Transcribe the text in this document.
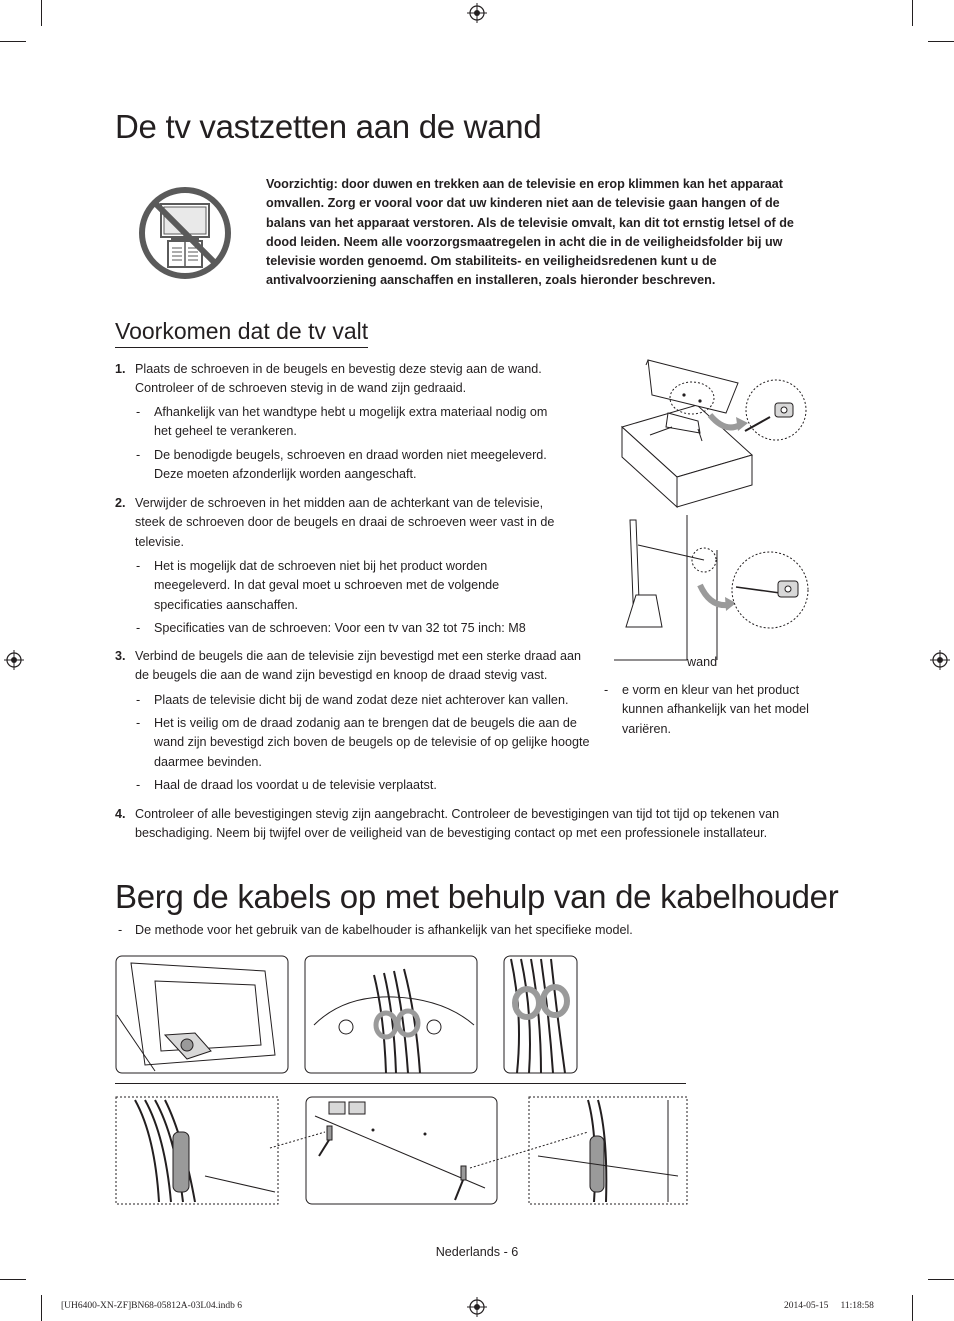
De tv vastzetten aan de wand
Voorzichtig: door duwen en trekken aan de televisie en erop klimmen kan het apparaat omvallen. Zorg er vooral voor dat uw kinderen niet aan de televisie gaan hangen of de balans van het apparaat verstoren. Als de televisie omvalt, kan dit tot ernstig letsel of de dood leiden. Neem alle voorzorgsmaatregelen in acht die in de veiligheidsfolder bij uw televisie worden genoemd. Om stabiliteits- en veiligheidsredenen kunt u de antivalvoorziening aanschaffen en installeren, zoals hieronder beschreven.
Voorkomen dat de tv valt
1. Plaats de schroeven in de beugels en bevestig deze stevig aan de wand. Controleer of de schroeven stevig in de wand zijn gedraaid.
-	Afhankelijk van het wandtype hebt u mogelijk extra materiaal nodig om het geheel te verankeren.
-	De benodigde beugels, schroeven en draad worden niet meegeleverd. Deze moeten afzonderlijk worden aangeschaft.
2. Verwijder de schroeven in het midden aan de achterkant van de televisie, steek de schroeven door de beugels en draai de schroeven weer vast in de televisie.
-	Het is mogelijk dat de schroeven niet bij het product worden meegeleverd. In dat geval moet u schroeven met de volgende specificaties aanschaffen.
-	Specificaties van de schroeven: Voor een tv van 32 tot 75 inch: M8
3. Verbind de beugels die aan de televisie zijn bevestigd met een sterke draad aan de beugels die aan de wand zijn bevestigd en knoop de draad stevig vast.
-	Plaats de televisie dicht bij de wand zodat deze niet achterover kan vallen.
-	Het is veilig om de draad zodanig aan te brengen dat de beugels die aan de wand zijn bevestigd zich boven de beugels op de televisie of op gelijke hoogte daarmee bevinden.
-	Haal de draad los voordat u de televisie verplaatst.
4. Controleer of alle bevestigingen stevig zijn aangebracht. Controleer de bevestigingen van tijd tot tijd op tekenen van beschadiging. Neem bij twijfel over de veiligheid van de bevestiging contact op met een professionele installateur.
wand
-	e vorm en kleur van het product kunnen afhankelijk van het model variëren.
Berg de kabels op met behulp van de kabelhouder
-	De methode voor het gebruik van de kabelhouder is afhankelijk van het specifieke model.
Nederlands - 6
[UH6400-XN-ZF]BN68-05812A-03L04.indb 6	2014-05-15   11:18:58
